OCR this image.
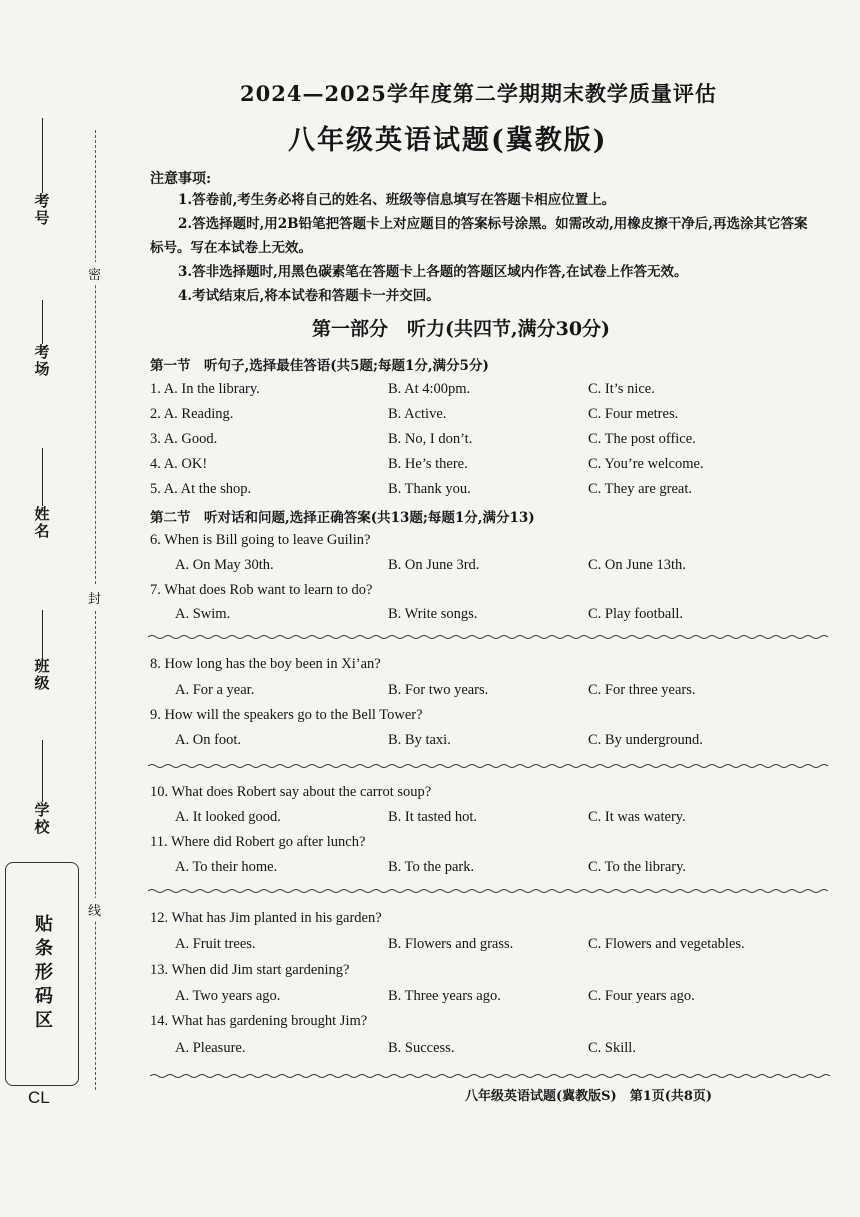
密
封
线
考号
考场
姓名
班级
学校
贴条形码区
CL
2024—2025学年度第二学期期末教学质量评估
八年级英语试题(冀教版)
注意事项:
1.答卷前,考生务必将自己的姓名、班级等信息填写在答题卡相应位置上。
2.答选择题时,用2B铅笔把答题卡上对应题目的答案标号涂黑。如需改动,用橡皮擦干净后,再选涂其它答案标号。写在本试卷上无效。
3.答非选择题时,用黑色碳素笔在答题卡上各题的答题区域内作答,在试卷上作答无效。
4.考试结束后,将本试卷和答题卡一并交回。
第一部分　听力(共四节,满分30分)
第一节　听句子,选择最佳答语(共5题;每题1分,满分5分)
1. A. In the library.	B. At 4:00pm.	C. It’s nice.
2. A. Reading.	B. Active.	C. Four metres.
3. A. Good.	B. No, I don’t.	C. The post office.
4. A. OK!	B. He’s there.	C. You’re welcome.
5. A. At the shop.	B. Thank you.	C. They are great.
第二节　听对话和问题,选择正确答案(共13题;每题1分,满分13)
6. When is Bill going to leave Guilin?
A. On May 30th.	B. On June 3rd.	C. On June 13th.
7. What does Rob want to learn to do?
A. Swim.	B. Write songs.	C. Play football.
8. How long has the boy been in Xi’an?
A. For a year.	B. For two years.	C. For three years.
9. How will the speakers go to the Bell Tower?
A. On foot.	B. By taxi.	C. By underground.
10. What does Robert say about the carrot soup?
A. It looked good.	B. It tasted hot.	C. It was watery.
11. Where did Robert go after lunch?
A. To their home.	B. To the park.	C. To the library.
12. What has Jim planted in his garden?
A. Fruit trees.	B. Flowers and grass.	C. Flowers and vegetables.
13. When did Jim start gardening?
A. Two years ago.	B. Three years ago.	C. Four years ago.
14. What has gardening brought Jim?
A. Pleasure.	B. Success.	C. Skill.
八年级英语试题(冀教版S)　第1页(共8页)
